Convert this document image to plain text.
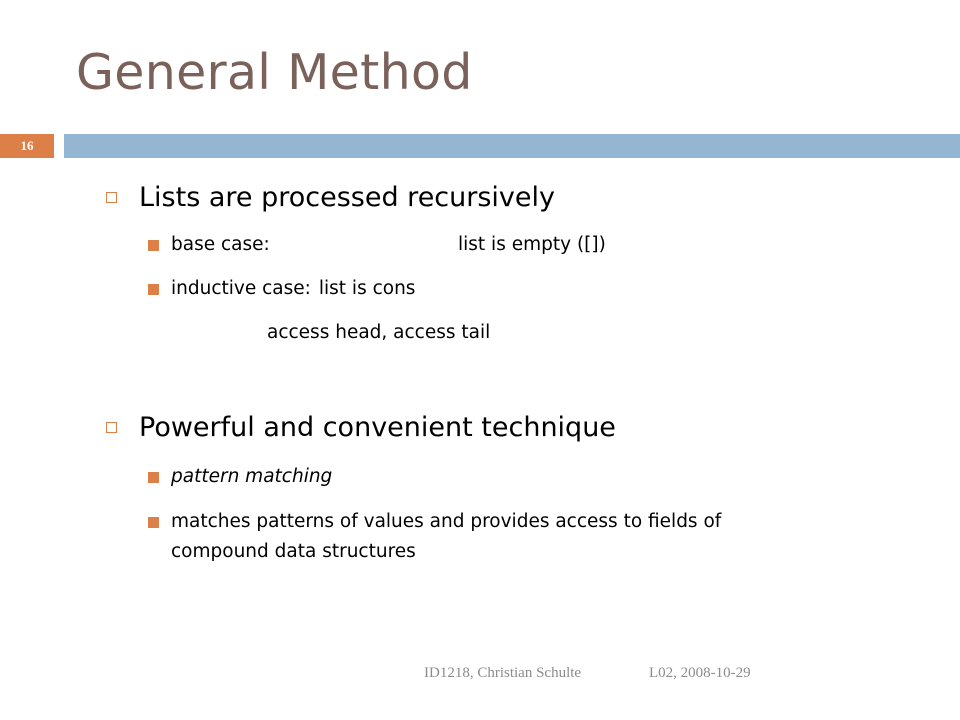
General Method
16
Lists are processed recursively
base case:	list is empty ([])
inductive case: list is cons
access head, access tail
Powerful and convenient technique
pattern matching
matches patterns of values and provides access to fields of compound data structures
ID1218, Christian Schulte	L02, 2008-10-29
